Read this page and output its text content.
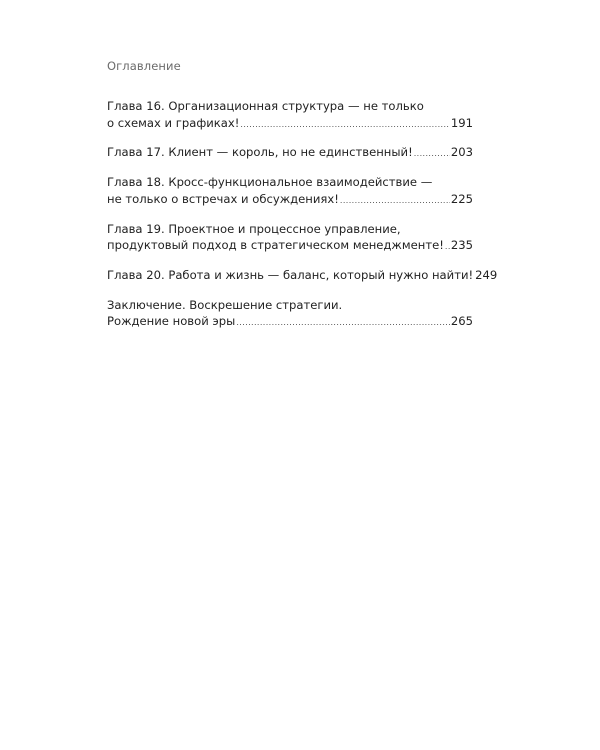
Оглавление
Глава 16. Организационная структура — не только
о схемах и графиках! .....	191
Глава 17. Клиент — король, но не единственный! .....	203
Глава 18. Кросс-функциональное взаимодействие —
не только о встречах и обсуждениях! .....	225
Глава 19. Проектное и процессное управление,
продуктовый подход в стратегическом менеджменте! ..... 235
Глава 20. Работа и жизнь — баланс, который нужно найти! 249
Заключение. Воскрешение стратегии.
Рождение новой эры .....	265
